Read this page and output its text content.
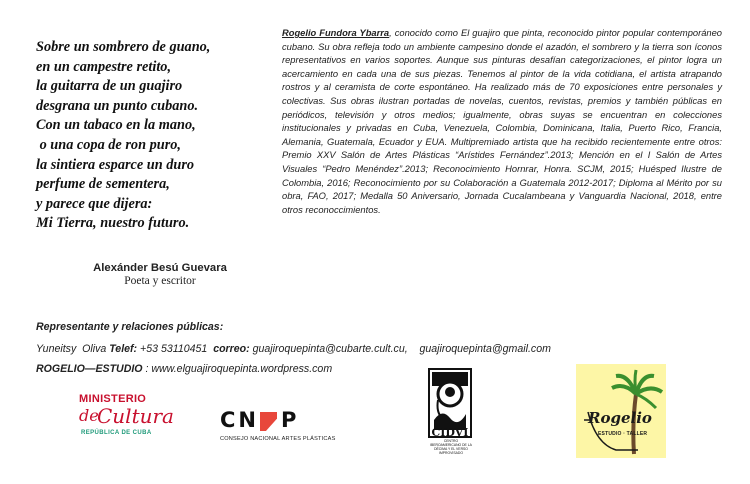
Sobre un sombrero de guano,
en un campestre retito,
la guitarra de un guajiro
desgrana un punto cubano.
Con un tabaco en la mano,
o una copa de ron puro,
la sintiera esparce un duro
perfume de sementera,
y parece que dijera:
Mi Tierra, nuestro futuro.
Alexánder Besú Guevara
Poeta y escritor
Rogelio Fundora Ybarra, conocido como El guajiro que pinta, reconocido pintor popular contemporáneo cubano. Su obra refleja todo un ambiente campesino donde el azadón, el sombrero y la tierra son íconos representativos en varios soportes. Aunque sus pinturas desafían categorizaciones, el pintor logra un acercamiento en cada una de sus piezas. Tenemos al pintor de la vida cotidiana, el artista atrapando rostros y al ceramista de corte espontáneo. Ha realizado más de 70 exposiciones entre personales y colectivas. Sus obras ilustran portadas de novelas, cuentos, revistas, premios y también públicas en periódicos, televisión y otros medios; igualmente, obras suyas se encuentran en colecciones institucionales y privadas en Cuba, Venezuela, Colombia, Dominicana, Italia, Puerto Rico, Francia, Alemania, Guatemala, Ecuador y EUA. Multipremiado artista que ha recibido recientemente entre otros: Premio XXV Salón de Artes Plásticas “Arístides Fernández”.2013; Mención en el I Salón de Artes Visuales “Pedro Menéndez”.2013; Reconocimiento Hornrar, Honra. SCJM, 2015; Huésped Ilustre de Colombia, 2016; Reconocimiento por su Colaboración a Guatemala 2012-2017; Diploma al Mérito por su obra, FAO, 2017; Medalla 50 Aniversario, Jornada Cucalambeana y Vanguardia Nacional, 2018, entre otros reconoccimientos.
Representante y relaciones públicas:
Yuneitsy  Oliva Telef: +53 53110451  correo: guajiroquepinta@cubarte.cult.cu,    guajiroquepinta@gmail.com
ROGELIO—ESTUDIO : www.elguajiroquepinta.wordpress.com
MINISTERIO
de
Cultura
REPÚBLICA DE CUBA
C N P
CONSEJO NACIONAL ARTES PLÁSTICAS	CIDVI
CENTRO IBEROAMERICANO DE LA DÉCIMA Y EL VERSO IMPROVISADO
Rogelio
ESTUDIO · TALLER
